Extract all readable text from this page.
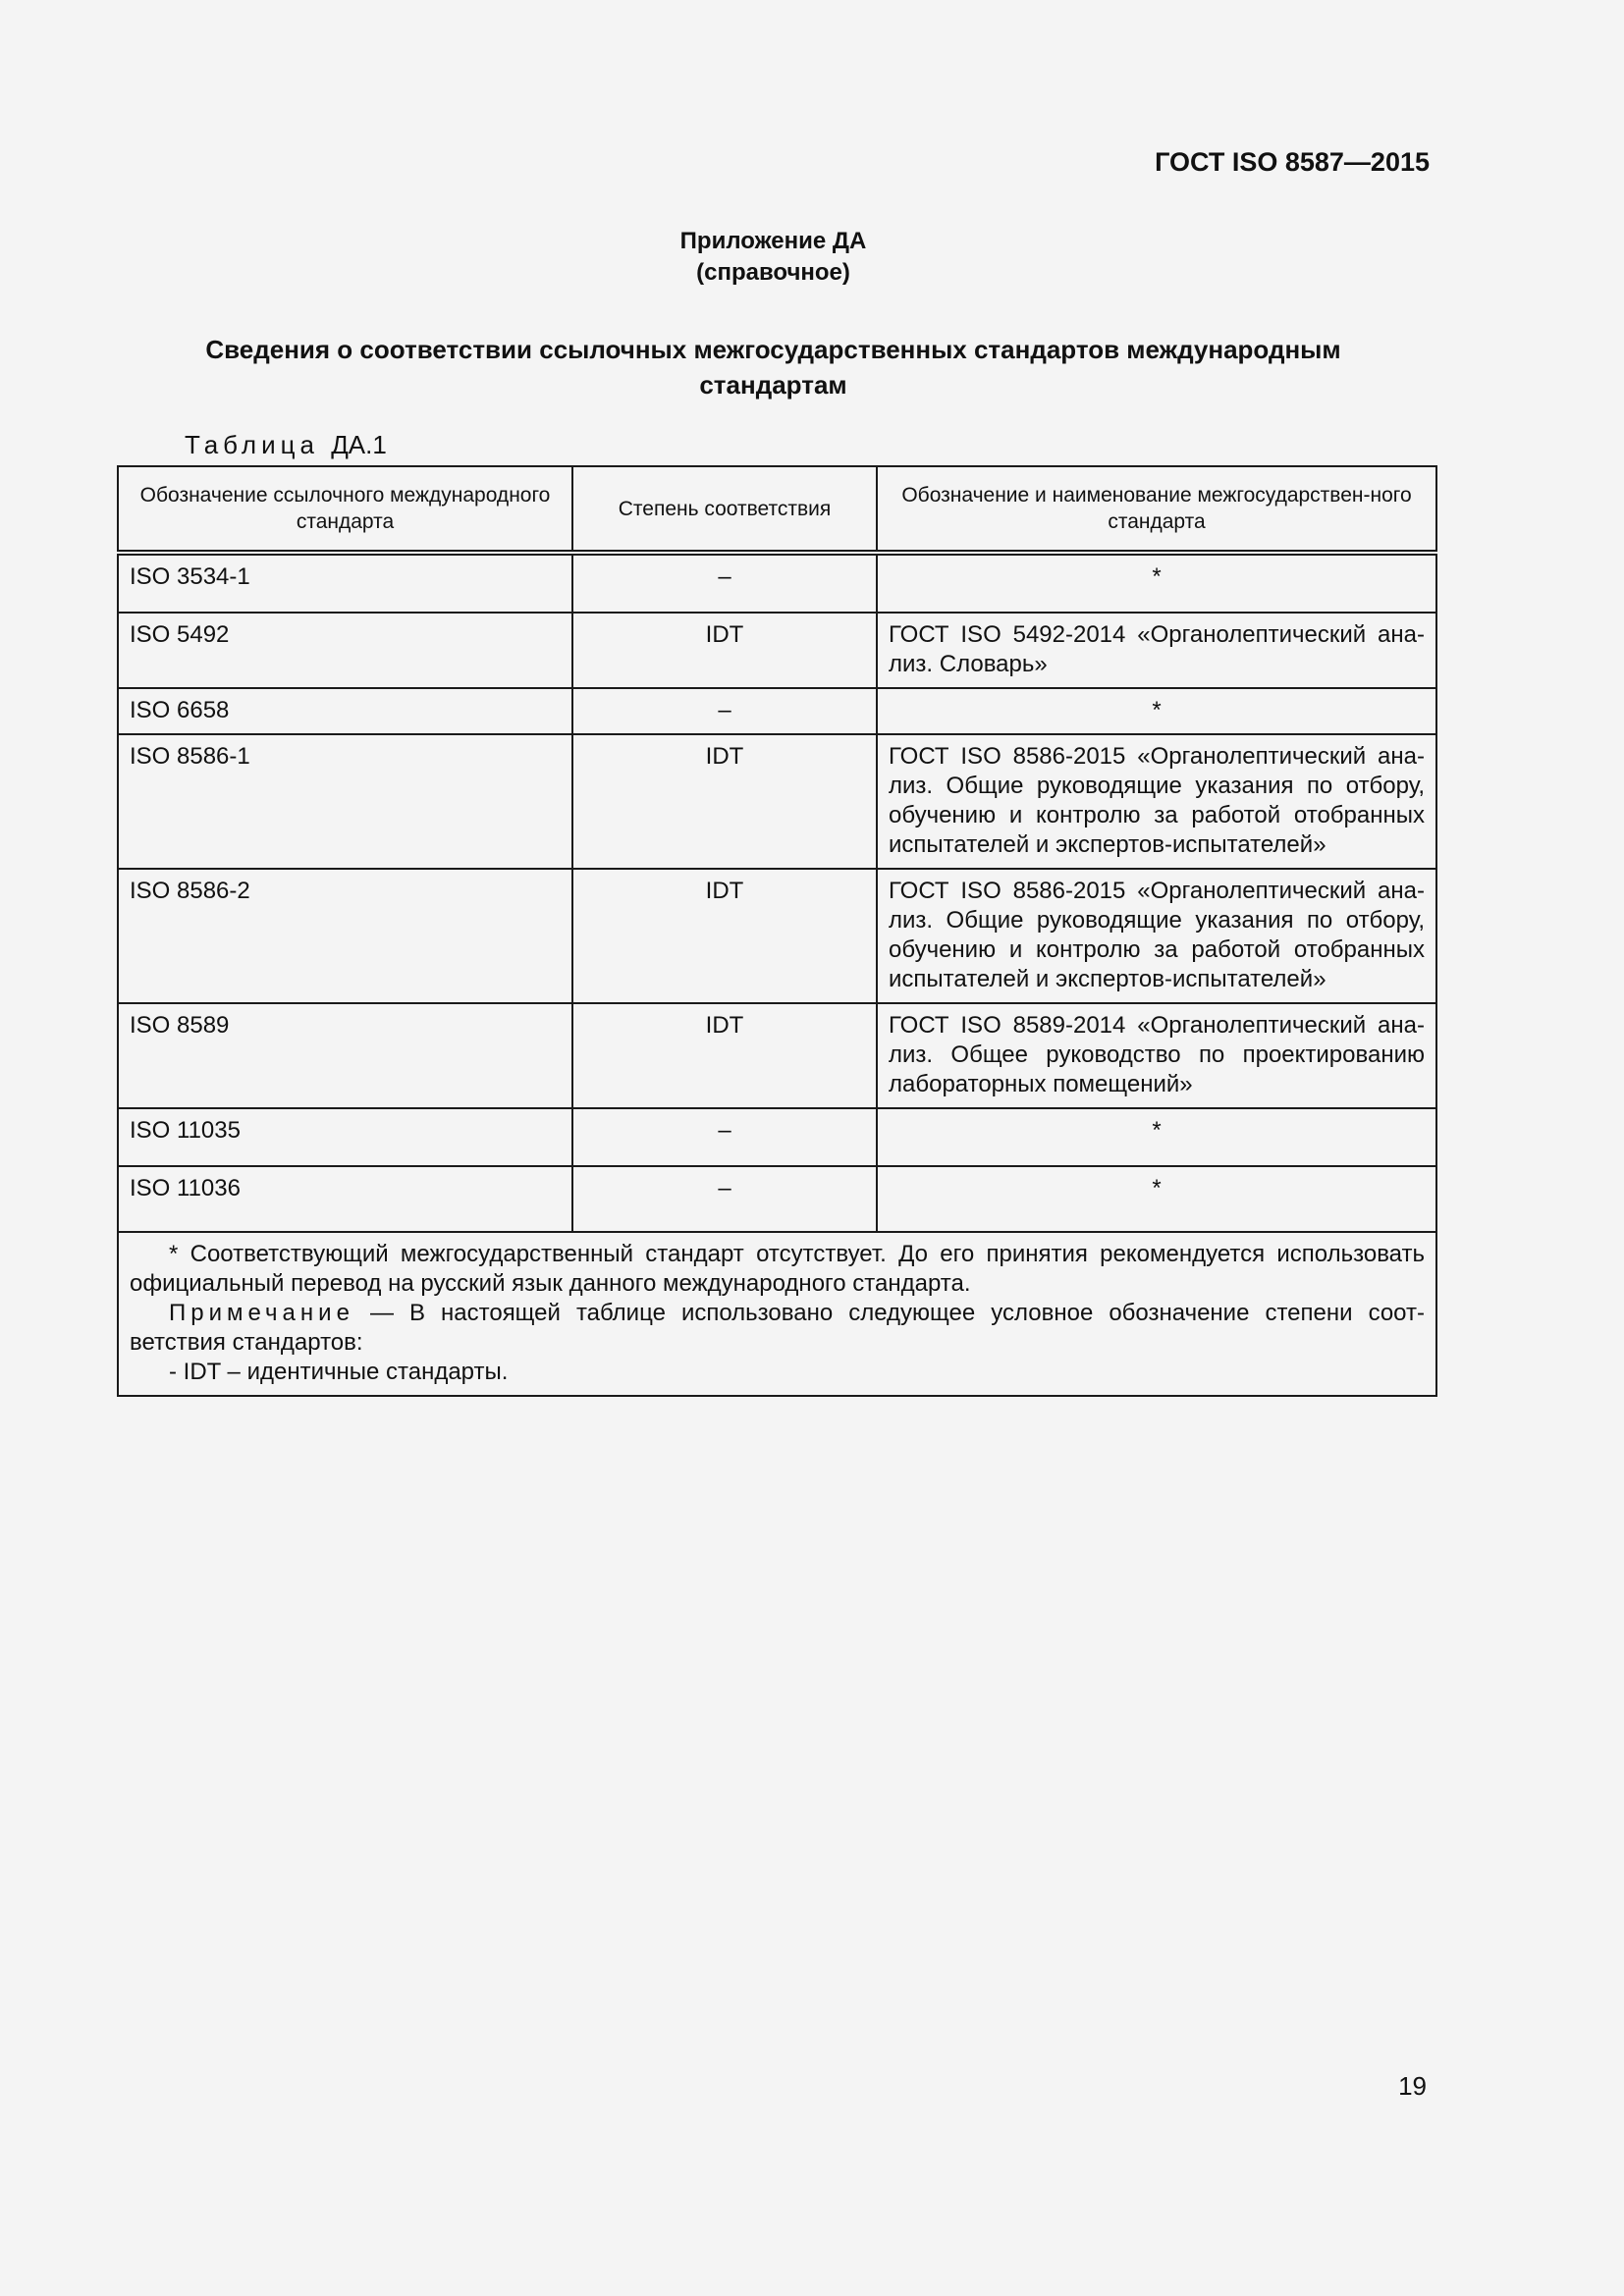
ГОСТ ISO 8587—2015
Приложение ДА
(справочное)
Сведения о соответствии ссылочных межгосударственных стандартов международным
стандартам
Таблица ДА.1
Обозначение ссылочного международного стандарта	Степень соответствия	Обозначение и наименование межгосударствен-ного стандарта
ISO 3534-1	–	*
ISO 5492	IDT	ГОСТ ISO 5492-2014 «Органолептический ана-лиз. Словарь»
ISO 6658	–	*
ISO 8586-1	IDT	ГОСТ ISO 8586-2015 «Органолептический ана-лиз. Общие руководящие указания по отбору, обучению и контролю за работой отобранных испытателей и экспертов-испытателей»
ISO 8586-2	IDT	ГОСТ ISO 8586-2015 «Органолептический ана-лиз. Общие руководящие указания по отбору, обучению и контролю за работой отобранных испытателей и экспертов-испытателей»
ISO 8589	IDT	ГОСТ ISO 8589-2014 «Органолептический ана-лиз. Общее руководство по проектированию лабораторных помещений»
ISO 11035	–	*
ISO 11036	–	*

* Соответствующий межгосударственный стандарт отсутствует. До его принятия рекомендуется использовать официальный перевод на русский язык данного международного стандарта.
Примечание — В настоящей таблице использовано следующее условное обозначение степени соот-ветствия стандартов:
- IDT – идентичные стандарты.		
19
